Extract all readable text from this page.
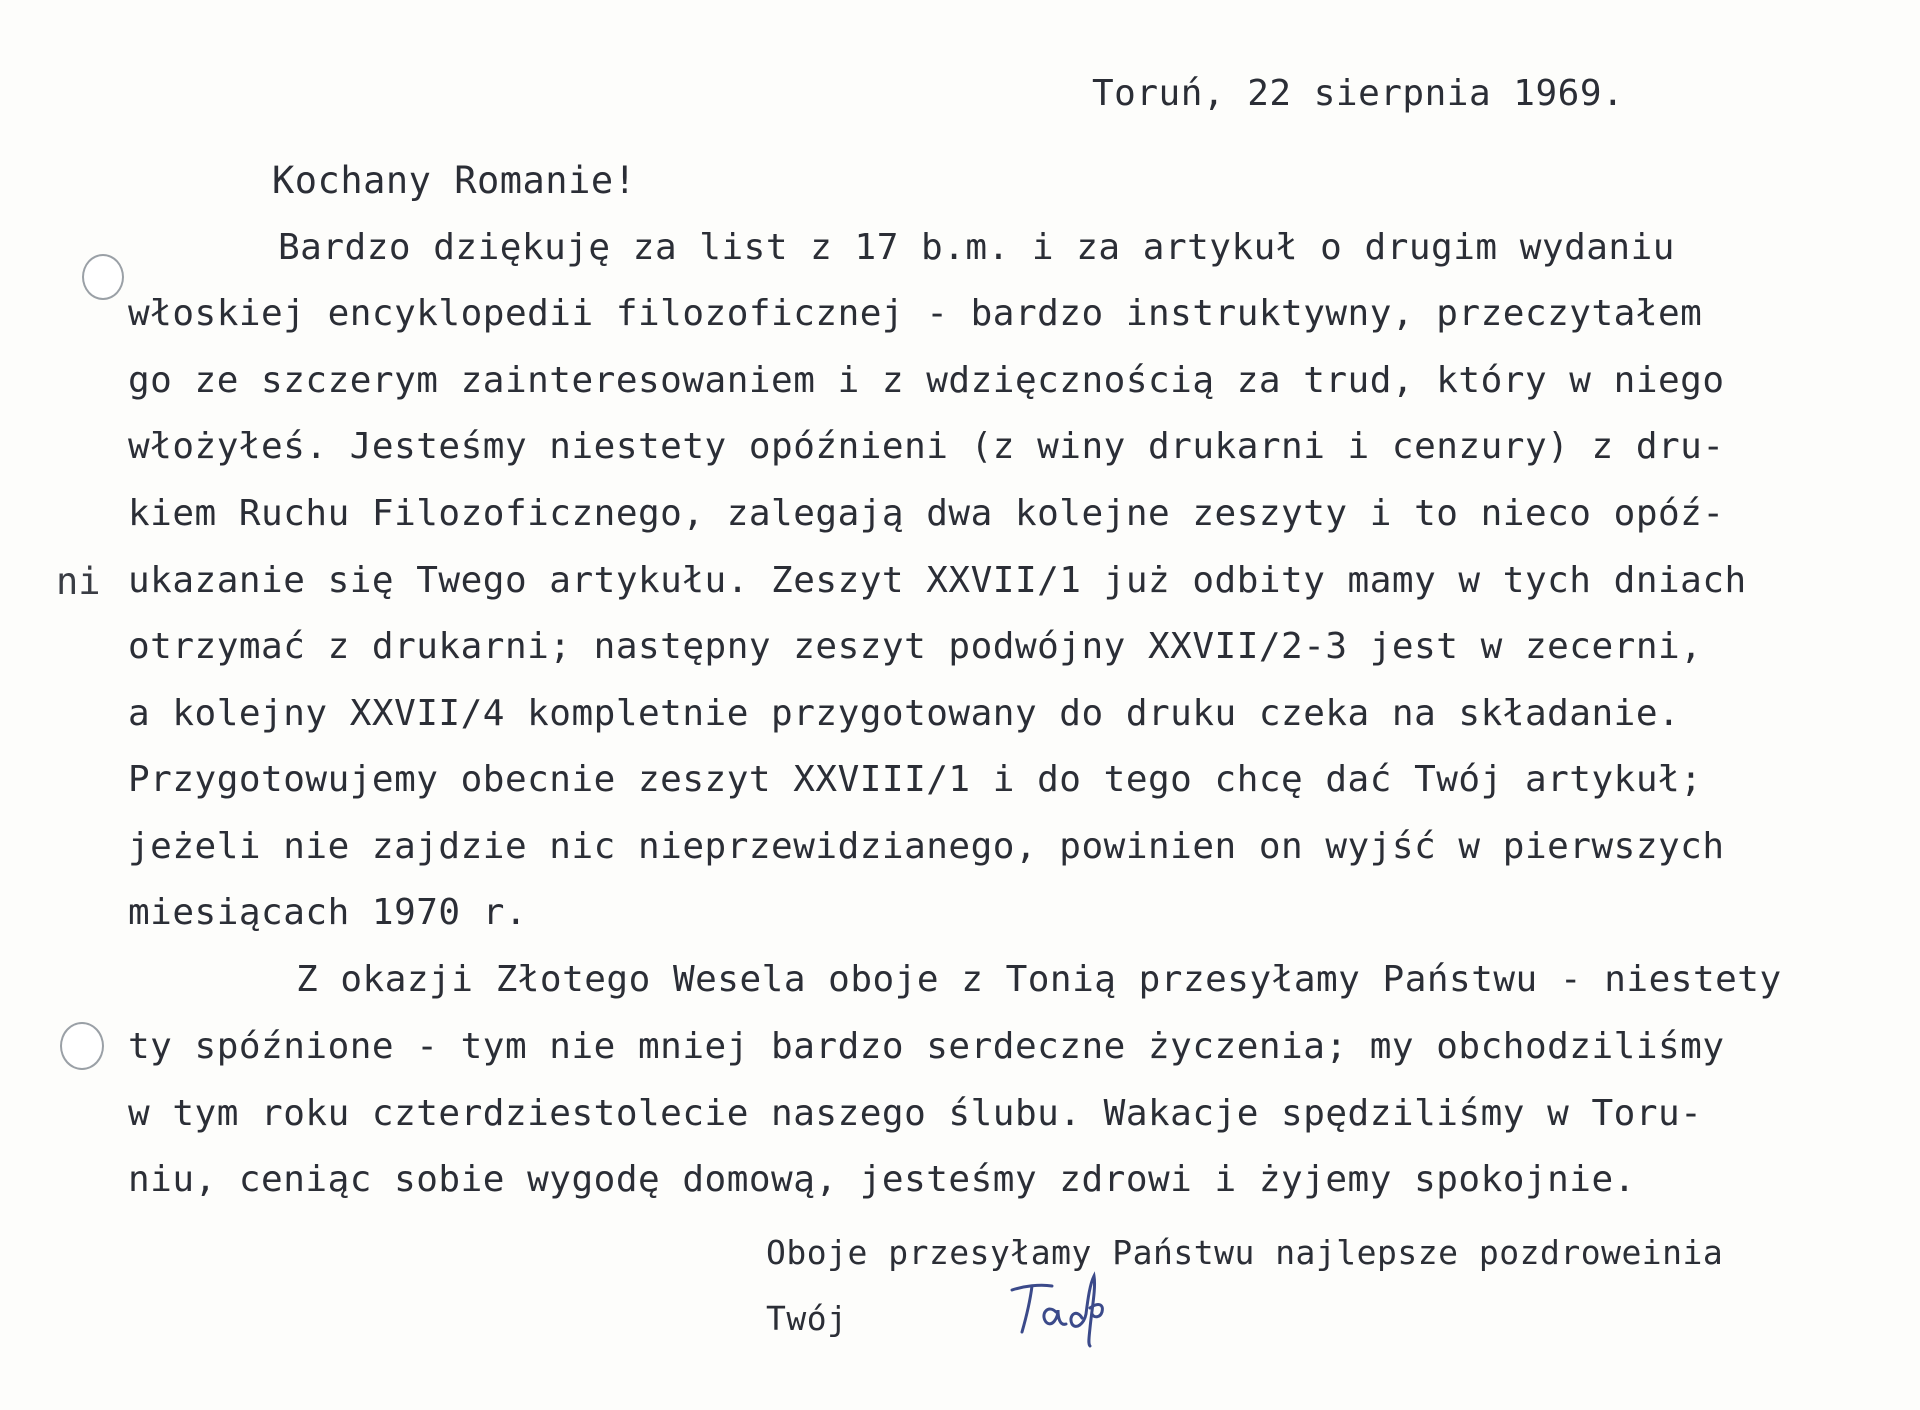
Toruń, 22 sierpnia 1969.
Kochany Romanie!
Bardzo dziękuję za list z 17 b.m. i za artykuł o drugim wydaniu
włoskiej encyklopedii filozoficznej - bardzo instruktywny, przeczytałem
go ze szczerym zainteresowaniem i z wdzięcznością za trud, który w niego
włożyłeś. Jesteśmy niestety opóźnieni (z winy drukarni i cenzury) z dru-
kiem Ruchu Filozoficznego, zalegają dwa kolejne zeszyty i to nieco opóź-
ni ukazanie się Twego artykułu. Zeszyt XXVII/1 już odbity mamy w tych dniach
otrzymać z drukarni; następny zeszyt podwójny XXVII/2-3 jest w zecerni,
a kolejny XXVII/4 kompletnie przygotowany do druku czeka na składanie.
Przygotowujemy obecnie zeszyt XXVIII/1 i do tego chcę dać Twój artykuł;
jeżeli nie zajdzie nic nieprzewidzianego, powinien on wyjść w pierwszych
miesiącach 1970 r.
Z okazji Złotego Wesela oboje z Tonią przesyłamy Państwu - niestety
ty spóźnione - tym nie mniej bardzo serdeczne życzenia; my obchodziliśmy
w tym roku czterdziestolecie naszego ślubu. Wakacje spędziliśmy w Toru-
niu, ceniąc sobie wygodę domową, jesteśmy zdrowi i żyjemy spokojnie.
Oboje przesyłamy Państwu najlepsze pozdroweinia
Twój
